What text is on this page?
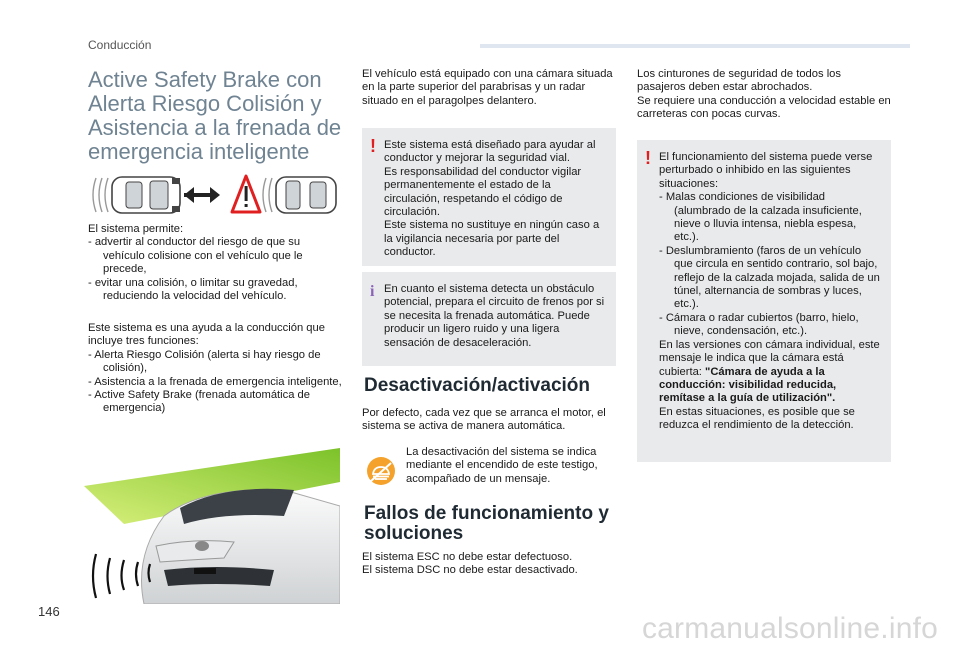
Conducción
Active Safety Brake con
Alerta Riesgo Colisión y
Asistencia a la frenada de
emergencia inteligente
El sistema permite:
- advertir al conductor del riesgo de que su vehículo colisione con el vehículo que le precede,
- evitar una colisión, o limitar su gravedad, reduciendo la velocidad del vehículo.
Este sistema es una ayuda a la conducción que incluye tres funciones:
- Alerta Riesgo Colisión (alerta si hay riesgo de colisión),
- Asistencia a la frenada de emergencia inteligente,
- Active Safety Brake (frenada automática de emergencia)
El vehículo está equipado con una cámara situada en la parte superior del parabrisas y un radar situado en el paragolpes delantero.
! Este sistema está diseñado para ayudar al conductor y mejorar la seguridad vial.
Es responsabilidad del conductor vigilar permanentemente el estado de la circulación, respetando el código de circulación.
Este sistema no sustituye en ningún caso a la vigilancia necesaria por parte del conductor.
i En cuanto el sistema detecta un obstáculo potencial, prepara el circuito de frenos por si se necesita la frenada automática. Puede producir un ligero ruido y una ligera sensación de desaceleración.
Desactivación/activación
Por defecto, cada vez que se arranca el motor, el sistema se activa de manera automática.
La desactivación del sistema se indica mediante el encendido de este testigo, acompañado de un mensaje.
Fallos de funcionamiento y
soluciones
El sistema ESC no debe estar defectuoso.
El sistema DSC no debe estar desactivado.
Los cinturones de seguridad de todos los pasajeros deben estar abrochados.
Se requiere una conducción a velocidad estable en carreteras con pocas curvas.
! El funcionamiento del sistema puede verse perturbado o inhibido en las siguientes situaciones:
- Malas condiciones de visibilidad (alumbrado de la calzada insuficiente, nieve o lluvia intensa, niebla espesa, etc.).
- Deslumbramiento (faros de un vehículo que circula en sentido contrario, sol bajo, reflejo de la calzada mojada, salida de un túnel, alternancia de sombras y luces, etc.).
- Cámara o radar cubiertos (barro, hielo, nieve, condensación, etc.).
En las versiones con cámara individual, este mensaje le indica que la cámara está cubierta: "Cámara de ayuda a la conducción: visibilidad reducida, remítase a la guía de utilización".
En estas situaciones, es posible que se reduzca el rendimiento de la detección.
146
carmanualsonline.info
